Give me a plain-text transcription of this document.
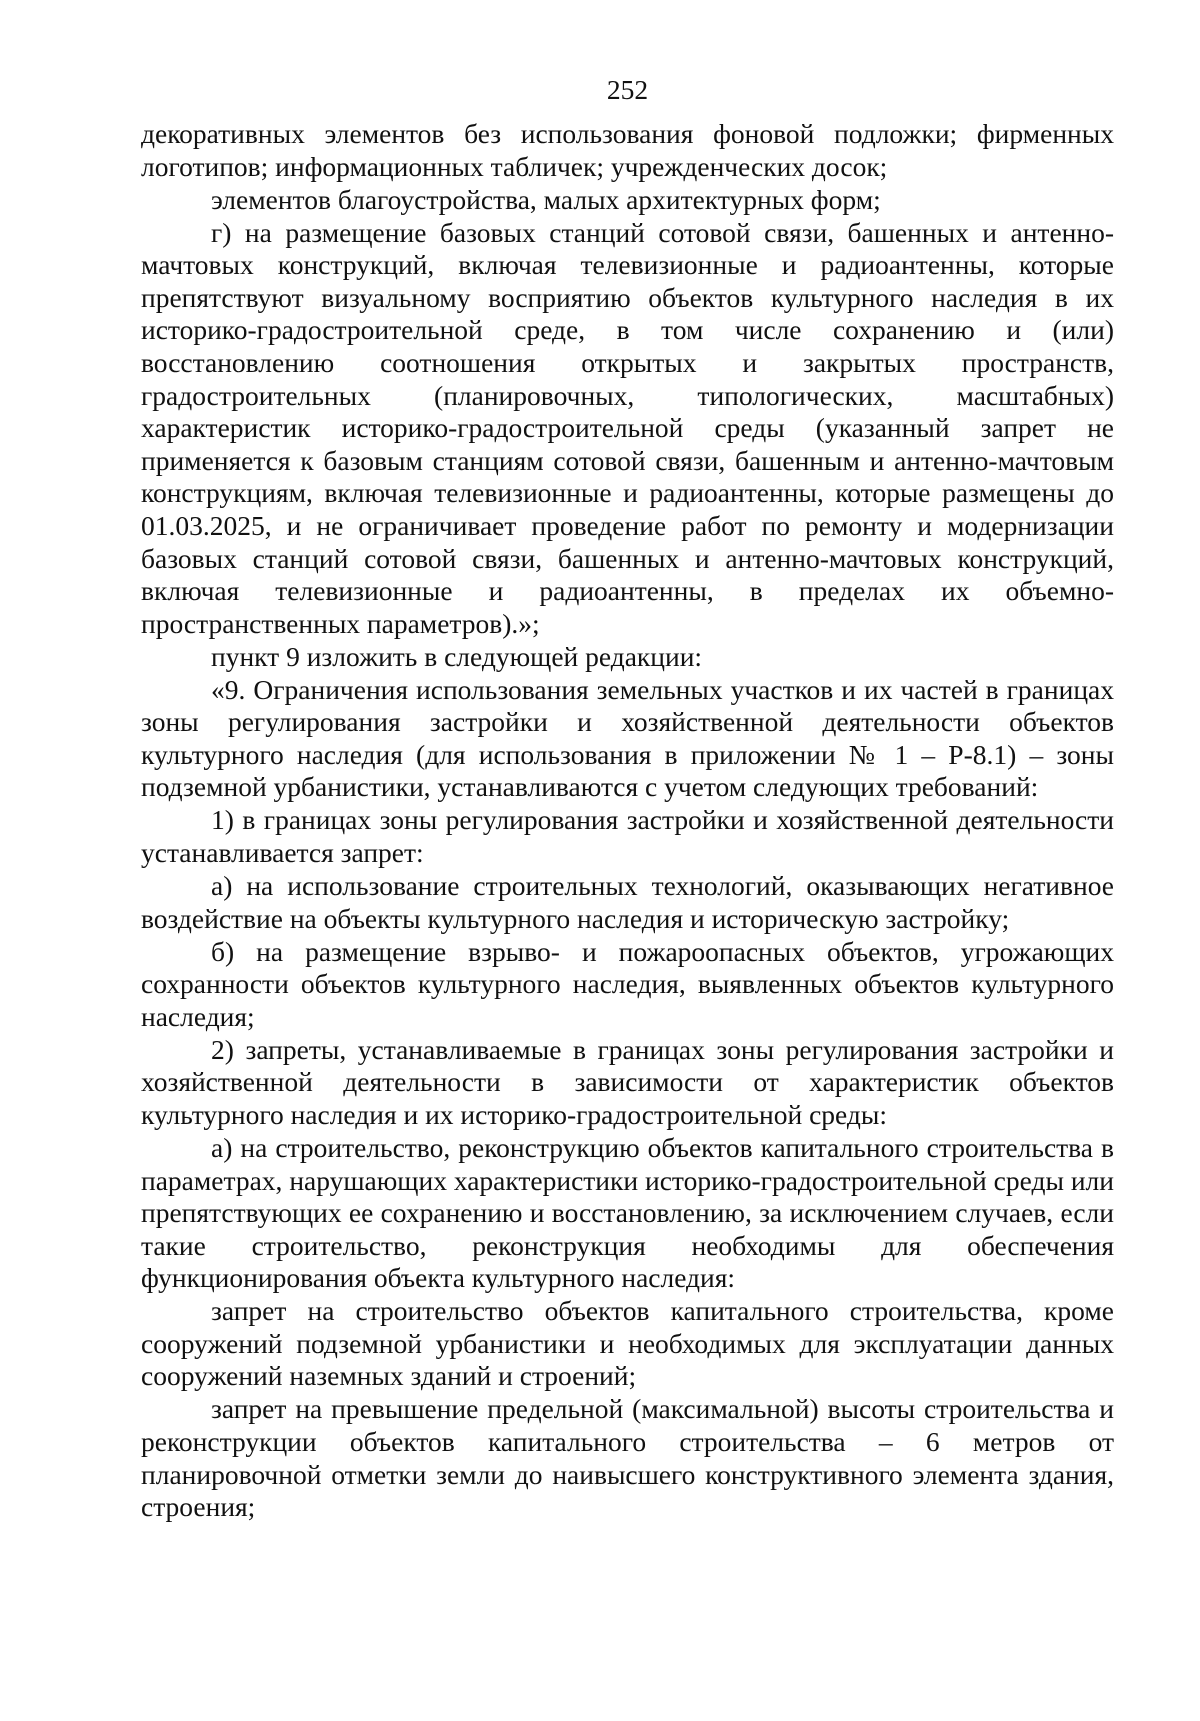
252

декоративных элементов без использования фоновой подложки; фирменных логотипов; информационных табличек; учрежденческих досок;

элементов благоустройства, малых архитектурных форм;

г) на размещение базовых станций сотовой связи, башенных и антенно-мачтовых конструкций, включая телевизионные и радиоантенны, которые препятствуют визуальному восприятию объектов культурного наследия в их историко-градостроительной среде, в том числе сохранению и (или) восстановлению соотношения открытых и закрытых пространств, градостроительных (планировочных, типологических, масштабных) характеристик историко-градостроительной среды (указанный запрет не применяется к базовым станциям сотовой связи, башенным и антенно-мачтовым конструкциям, включая телевизионные и радиоантенны, которые размещены до 01.03.2025, и не ограничивает проведение работ по ремонту и модернизации базовых станций сотовой связи, башенных и антенно-мачтовых конструкций, включая телевизионные и радиоантенны, в пределах их объемно-пространственных параметров).»;

пункт 9 изложить в следующей редакции:

«9. Ограничения использования земельных участков и их частей в границах зоны регулирования застройки и хозяйственной деятельности объектов культурного наследия (для использования в приложении № 1 – Р-8.1) – зоны подземной урбанистики, устанавливаются с учетом следующих требований:

1) в границах зоны регулирования застройки и хозяйственной деятельности устанавливается запрет:

а) на использование строительных технологий, оказывающих негативное воздействие на объекты культурного наследия и историческую застройку;

б) на размещение взрыво- и пожароопасных объектов, угрожающих сохранности объектов культурного наследия, выявленных объектов культурного наследия;

2) запреты, устанавливаемые в границах зоны регулирования застройки и хозяйственной деятельности в зависимости от характеристик объектов культурного наследия и их историко-градостроительной среды:

а) на строительство, реконструкцию объектов капитального строительства в параметрах, нарушающих характеристики историко-градостроительной среды или препятствующих ее сохранению и восстановлению, за исключением случаев, если такие строительство, реконструкция необходимы для обеспечения функционирования объекта культурного наследия:

запрет на строительство объектов капитального строительства, кроме сооружений подземной урбанистики и необходимых для эксплуатации данных сооружений наземных зданий и строений;

запрет на превышение предельной (максимальной) высоты строительства и реконструкции объектов капитального строительства – 6 метров от планировочной отметки земли до наивысшего конструктивного элемента здания, строения;
